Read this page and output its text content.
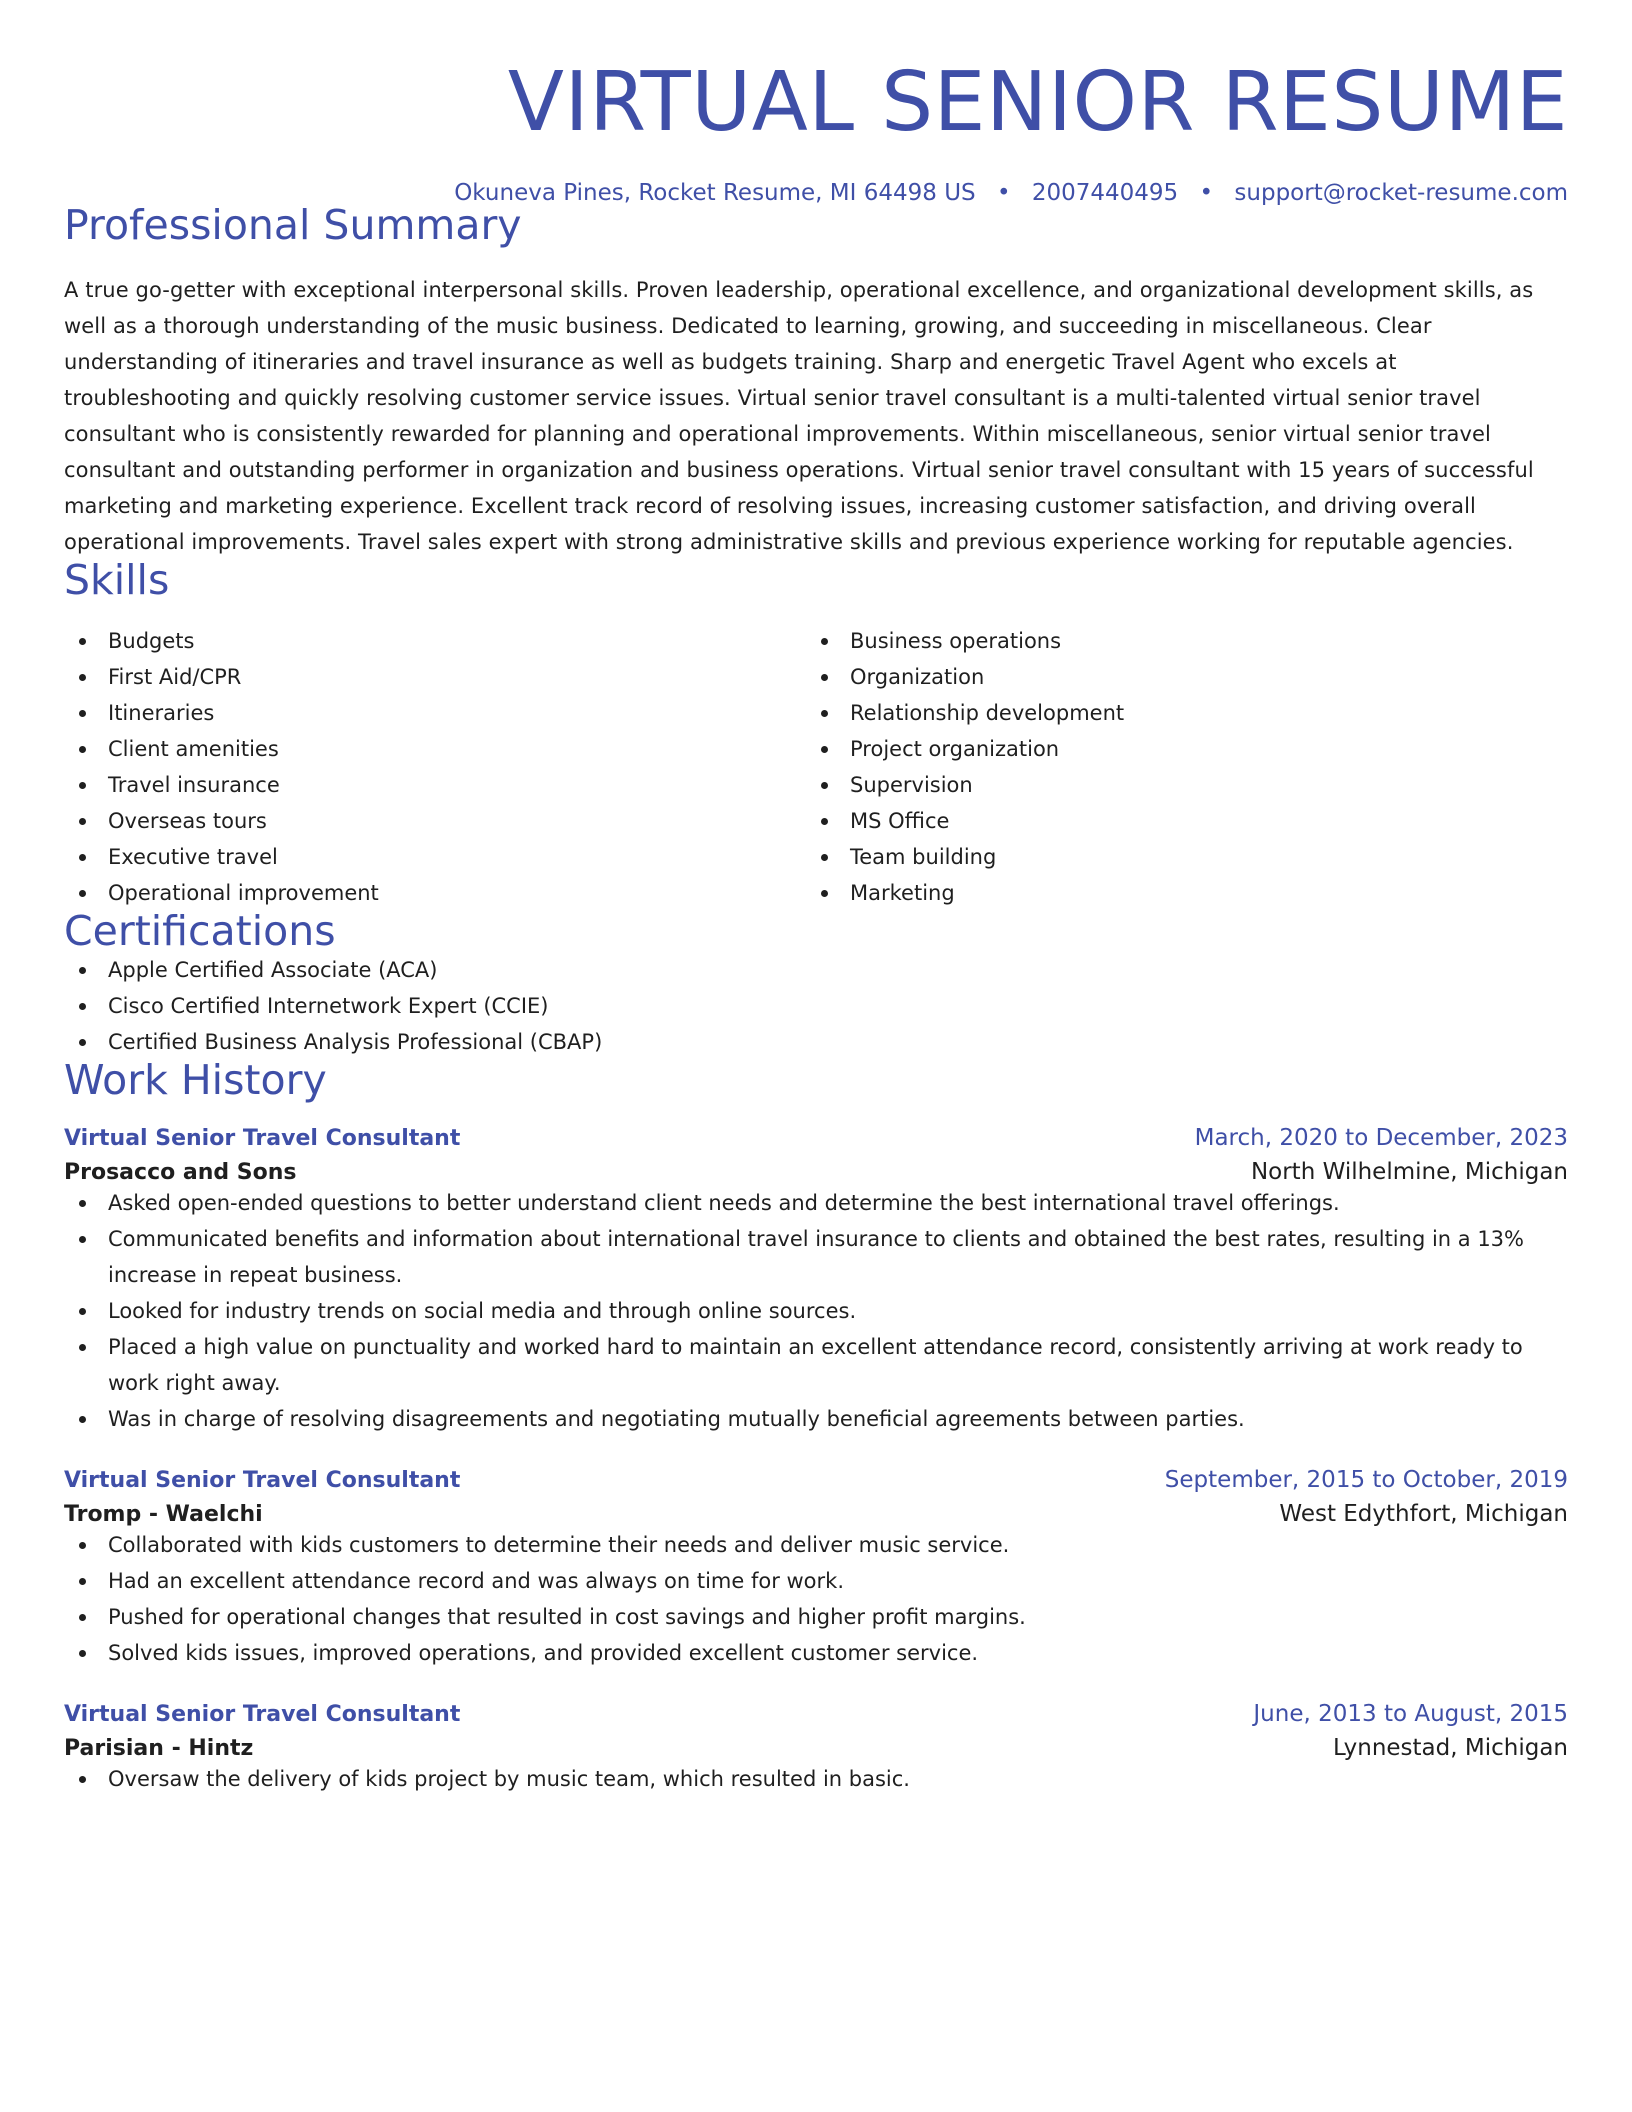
VIRTUAL SENIOR RESUME
Okuneva Pines, Rocket Resume, MI 64498 US • 2007440495 • support@rocket-resume.com
Professional Summary
A true go-getter with exceptional interpersonal skills. Proven leadership, operational excellence, and organizational development skills, as well as a thorough understanding of the music business. Dedicated to learning, growing, and succeeding in miscellaneous. Clear understanding of itineraries and travel insurance as well as budgets training. Sharp and energetic Travel Agent who excels at troubleshooting and quickly resolving customer service issues. Virtual senior travel consultant is a multi-talented virtual senior travel consultant who is consistently rewarded for planning and operational improvements. Within miscellaneous, senior virtual senior travel consultant and outstanding performer in organization and business operations. Virtual senior travel consultant with 15 years of successful marketing and marketing experience. Excellent track record of resolving issues, increasing customer satisfaction, and driving overall operational improvements. Travel sales expert with strong administrative skills and previous experience working for reputable agencies.
Skills
Budgets
First Aid/CPR
Itineraries
Client amenities
Travel insurance
Overseas tours
Executive travel
Operational improvement
Business operations
Organization
Relationship development
Project organization
Supervision
MS Office
Team building
Marketing
Certifications
Apple Certified Associate (ACA)
Cisco Certified Internetwork Expert (CCIE)
Certified Business Analysis Professional (CBAP)
Work History
Virtual Senior Travel Consultant	March, 2020 to December, 2023
Prosacco and Sons	North Wilhelmine, Michigan
Asked open-ended questions to better understand client needs and determine the best international travel offerings.
Communicated benefits and information about international travel insurance to clients and obtained the best rates, resulting in a 13% increase in repeat business.
Looked for industry trends on social media and through online sources.
Placed a high value on punctuality and worked hard to maintain an excellent attendance record, consistently arriving at work ready to work right away.
Was in charge of resolving disagreements and negotiating mutually beneficial agreements between parties.
Virtual Senior Travel Consultant	September, 2015 to October, 2019
Tromp - Waelchi	West Edythfort, Michigan
Collaborated with kids customers to determine their needs and deliver music service.
Had an excellent attendance record and was always on time for work.
Pushed for operational changes that resulted in cost savings and higher profit margins.
Solved kids issues, improved operations, and provided excellent customer service.
Virtual Senior Travel Consultant	June, 2013 to August, 2015
Parisian - Hintz	Lynnestad, Michigan
Oversaw the delivery of kids project by music team, which resulted in basic.
